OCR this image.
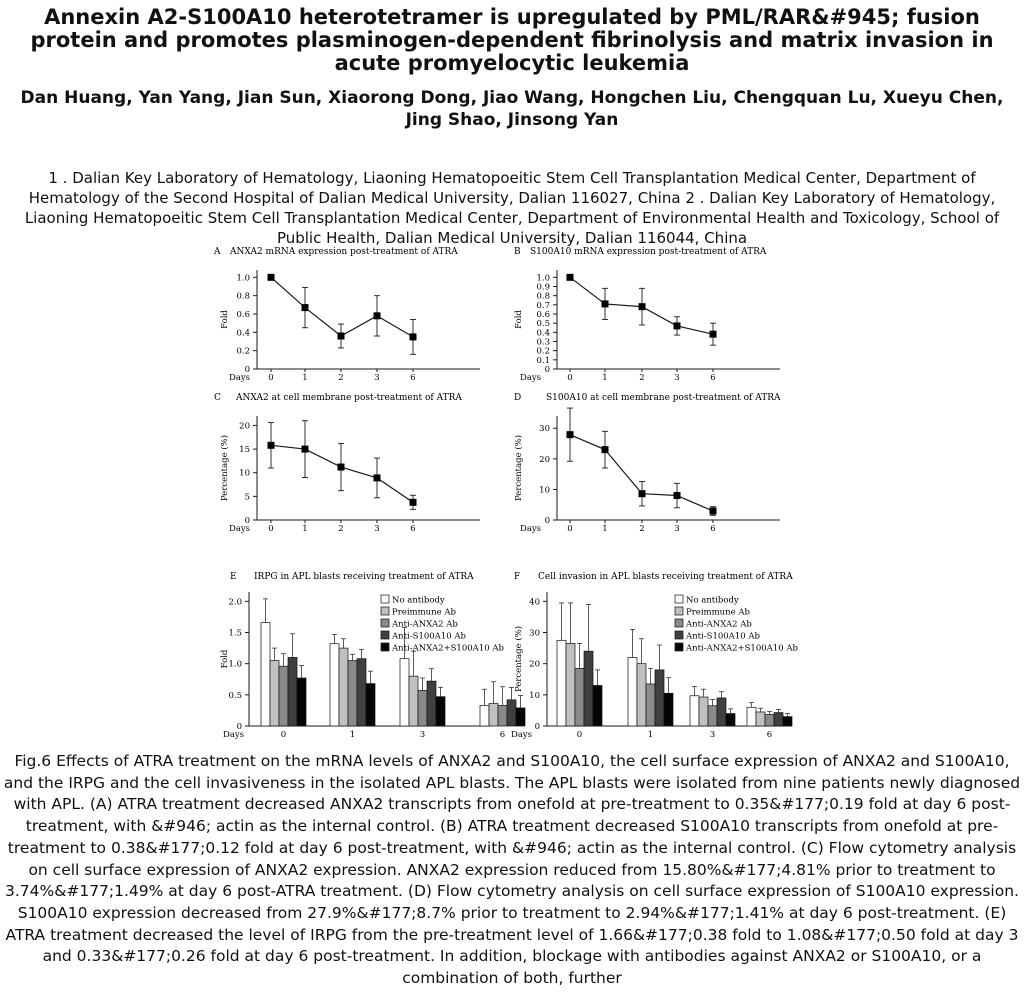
Annexin A2-S100A10 heterotetramer is upregulated by PML/RAR&#945; fusion protein and promotes plasminogen-dependent fibrinolysis and matrix invasion in acute promyelocytic leukemia
Dan Huang, Yan Yang, Jian Sun, Xiaorong Dong, Jiao Wang, Hongchen Liu, Chengquan Lu, Xueyu Chen, Jing Shao, Jinsong Yan
1 . Dalian Key Laboratory of Hematology, Liaoning Hematopoeitic Stem Cell Transplantation Medical Center, Department of Hematology of the Second Hospital of Dalian Medical University, Dalian 116027, China 2 . Dalian Key Laboratory of Hematology, Liaoning Hematopoeitic Stem Cell Transplantation Medical Center, Department of Environmental Health and Toxicology, School of Public Health, Dalian Medical University, Dalian 116044, China
A ANXA2 mRNA expression post-treatment of ATRA	B S100A10 mRNA expression post-treatment of ATRA
C ANXA2 at cell membrane post-treatment of ATRA	D	S100A10 at cell membrane post-treatment of ATRA
E IRPG in APL blasts receiving treatment of ATRA	F Cell invasion in APL blasts receiving treatment of ATRA
0
0.2
0.4
0.6
0.8
1.0
Days
Fold
0	1	2	3	6
0
0.1
0.2
0.3
0.4
0.5
0.6
0.7
0.8
0.9
1.0
Days
Fold
0	1	2	3	6
0
5
10
15
20
Days
Percentage (%)
0	1	2	3	6
0
10
20
30
Days
Percentage (%)
0	1	2	3	6
0
0.5
1.0
1.5
2.0
Days
Fold
0	1	3	6
No antibody
Preimmune Ab
Anti-ANXA2 Ab
Anti-S100A10 Ab
Anti-ANXA2+S100A10 Ab
0
10
20
30
40
Days
Percentage (%)
0	1	3	6
No antibody
Preimmune Ab
Anti-ANXA2 Ab
Anti-S100A10 Ab
Anti-ANXA2+S100A10 Ab
Fig.6 Effects of ATRA treatment on the mRNA levels of ANXA2 and S100A10, the cell surface expression of ANXA2 and S100A10, and the IRPG and the cell invasiveness in the isolated APL blasts. The APL blasts were isolated from nine patients newly diagnosed with APL. (A) ATRA treatment decreased ANXA2 transcripts from onefold at pre-treatment to 0.35&#177;0.19 fold at day 6 post-treatment, with &#946; actin as the internal control. (B) ATRA treatment decreased S100A10 transcripts from onefold at pre-treatment to 0.38&#177;0.12 fold at day 6 post-treatment, with &#946; actin as the internal control. (C) Flow cytometry analysis on cell surface expression of ANXA2 expression. ANXA2 expression reduced from 15.80%&#177;4.81% prior to treatment to 3.74%&#177;1.49% at day 6 post-ATRA treatment. (D) Flow cytometry analysis on cell surface expression of S100A10 expression. S100A10 expression decreased from 27.9%&#177;8.7% prior to treatment to 2.94%&#177;1.41% at day 6 post-treatment. (E) ATRA treatment decreased the level of IRPG from the pre-treatment level of 1.66&#177;0.38 fold to 1.08&#177;0.50 fold at day 3 and 0.33&#177;0.26 fold at day 6 post-treatment. In addition, blockage with antibodies against ANXA2 or S100A10, or a combination of both, further
